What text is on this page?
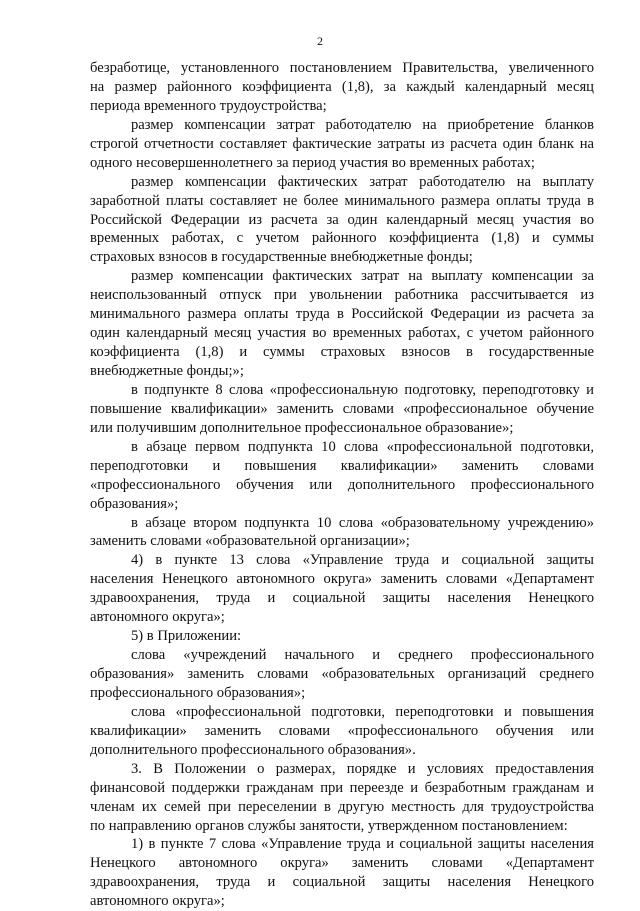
2
безработице, установленного постановлением Правительства, увеличенного
на размер районного коэффициента (1,8), за каждый календарный месяц
периода временного трудоустройства;
размер компенсации затрат работодателю на приобретение бланков
строгой отчетности составляет фактические затраты из расчета один бланк на
одного несовершеннолетнего за период участия во временных работах;
размер компенсации фактических затрат работодателю на выплату
заработной платы составляет не более минимального размера оплаты труда в
Российской Федерации из расчета за один календарный месяц участия во
временных работах, с учетом районного коэффициента (1,8) и суммы
страховых взносов в государственные внебюджетные фонды;
размер компенсации фактических затрат на выплату компенсации за
неиспользованный отпуск при увольнении работника рассчитывается из
минимального размера оплаты труда в Российской Федерации из расчета за
один календарный месяц участия во временных работах, с учетом районного
коэффициента (1,8) и суммы страховых взносов в государственные
внебюджетные фонды;»;
в подпункте 8 слова «профессиональную подготовку, переподготовку и
повышение квалификации» заменить словами «профессиональное обучение
или получившим дополнительное профессиональное образование»;
в абзаце первом подпункта 10 слова «профессиональной подготовки,
переподготовки и повышения квалификации» заменить словами
«профессионального обучения или дополнительного профессионального
образования»;
в абзаце втором подпункта 10 слова «образовательному учреждению»
заменить словами «образовательной организации»;
4) в пункте 13 слова «Управление труда и социальной защиты
населения Ненецкого автономного округа» заменить словами «Департамент
здравоохранения, труда и социальной защиты населения Ненецкого
автономного округа»;
5) в Приложении:
слова «учреждений начального и среднего профессионального
образования» заменить словами «образовательных организаций среднего
профессионального образования»;
слова «профессиональной подготовки, переподготовки и повышения
квалификации» заменить словами «профессионального обучения или
дополнительного профессионального образования».
3. В Положении о размерах, порядке и условиях предоставления
финансовой поддержки гражданам при переезде и безработным гражданам и
членам их семей при переселении в другую местность для трудоустройства
по направлению органов службы занятости, утвержденном постановлением:
1) в пункте 7 слова «Управление труда и социальной защиты населения
Ненецкого автономного округа» заменить словами «Департамент
здравоохранения, труда и социальной защиты населения Ненецкого
автономного округа»;
